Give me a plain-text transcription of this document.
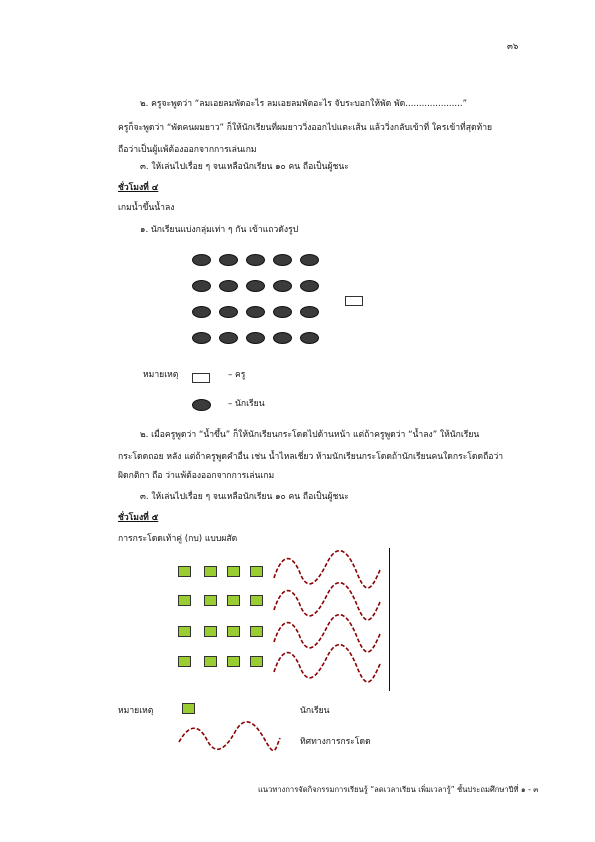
๓๖
๒. ครูจะพูดว่า “ลมเอยลมพัดอะไร ลมเอยลมพัดอะไร จับระบอกให้พัด พัด.....................”
ครูก็จะพูดว่า “พัดคนผมยาว” ก็ให้นักเรียนที่ผมยาววิ่งออกไปแตะเส้น แล้ววิ่งกลับเข้าที่ ใครเข้าที่สุดท้าย
ถือว่าเป็นผู้แพ้ต้องออกจากการเล่นเกม
๓. ให้เล่นไปเรื่อย ๆ จนเหลือนักเรียน ๑๐ คน ถือเป็นผู้ชนะ
ชั่วโมงที่ ๔
เกมน้ำขึ้นน้ำลง
๑. นักเรียนแบ่งกลุ่มเท่า ๆ กัน เข้าแถวดังรูป
หมายเหตุ	– ครู
– นักเรียน
๒. เมื่อครูพูดว่า “น้ำขึ้น” ก็ให้นักเรียนกระโดดไปด้านหน้า แต่ถ้าครูพูดว่า “น้ำลง” ให้นักเรียน
กระโดดถอย หลัง แต่ถ้าครูพูดคำอื่น เช่น น้ำไหลเชี่ยว ห้ามนักเรียนกระโดดถ้านักเรียนคนใดกระโดดถือว่า
ผิดกติกา ถือ ว่าแพ้ต้องออกจากการเล่นเกม
๓. ให้เล่นไปเรื่อย ๆ จนเหลือนักเรียน ๑๐ คน ถือเป็นผู้ชนะ
ชั่วโมงที่ ๕
การกระโดดเท้าคู่ (กบ) แบบผสัด
หมายเหตุ	นักเรียน
ทิศทางการกระโดด
แนวทางการจัดกิจกรรมการเรียนรู้ “ลดเวลาเรียน เพิ่มเวลารู้” ชั้นประถมศึกษาปีที่ ๑ - ๓
